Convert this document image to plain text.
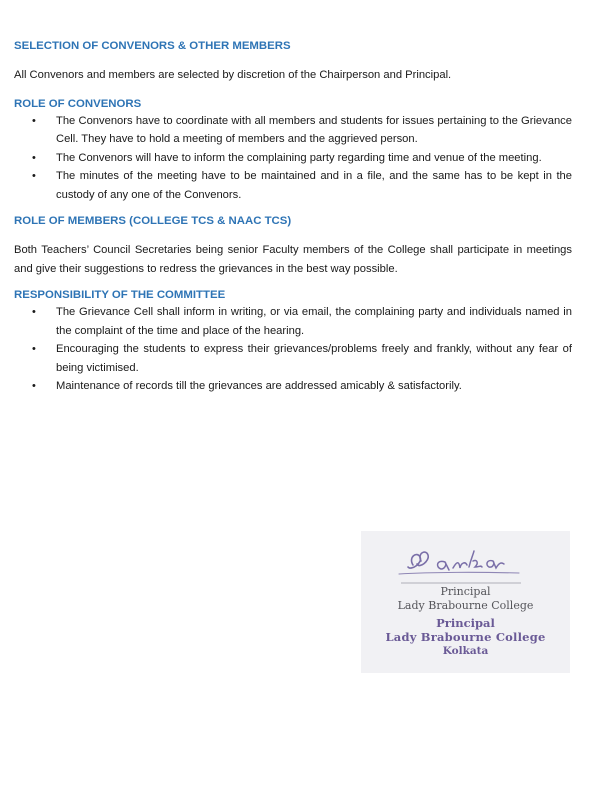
SELECTION OF CONVENORS & OTHER MEMBERS

All Convenors and members are selected by discretion of the Chairperson and Principal.

ROLE OF CONVENORS
• The Convenors have to coordinate with all members and students for issues pertaining to the Grievance Cell. They have to hold a meeting of members and the aggrieved person.
• The Convenors will have to inform the complaining party regarding time and venue of the meeting.
• The minutes of the meeting have to be maintained and in a file, and the same has to be kept in the custody of any one of the Convenors.
ROLE OF MEMBERS (COLLEGE TCS & NAAC TCS)

Both Teachers’ Council Secretaries being senior Faculty members of the College shall participate in meetings and give their suggestions to redress the grievances in the best way possible.

RESPONSIBILITY OF THE COMMITTEE
• The Grievance Cell shall inform in writing, or via email, the complaining party and individuals named in the complaint of the time and place of the hearing.
• Encouraging the students to express their grievances/problems freely and frankly, without any fear of being victimised.
• Maintenance of records till the grievances are addressed amicably & satisfactorily.
Principal
Lady Brabourne College
Principal
Lady Brabourne College
Kolkata
